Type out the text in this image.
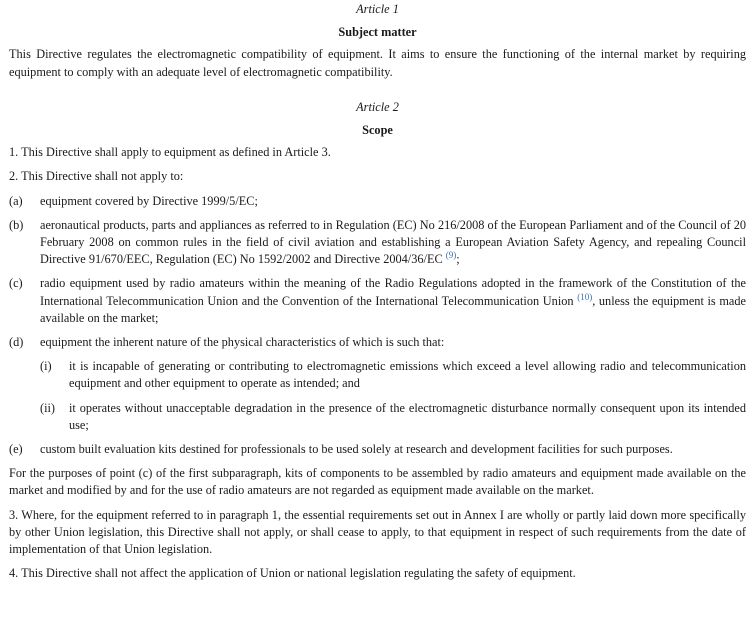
Article 1
Subject matter

This Directive regulates the electromagnetic compatibility of equipment. It aims to ensure the functioning of the internal market by requiring equipment to comply with an adequate level of electromagnetic compatibility.

Article 2
Scope
1. This Directive shall apply to equipment as defined in Article 3.
2. This Directive shall not apply to:
(a)	equipment covered by Directive 1999/5/EC;
(b)	aeronautical products, parts and appliances as referred to in Regulation (EC) No 216/2008 of the European Parliament and of the Council of 20 February 2008 on common rules in the field of civil aviation and establishing a European Aviation Safety Agency, and repealing Council Directive 91/670/EEC, Regulation (EC) No 1592/2002 and Directive 2004/36/EC $^{(9)}$;
(c)	radio equipment used by radio amateurs within the meaning of the Radio Regulations adopted in the framework of the Constitution of the International Telecommunication Union and the Convention of the International Telecommunication Union $^{(10)}$, unless the equipment is made available on the market;
(d)	equipment the inherent nature of the physical characteristics of which is such that:
(i)	it is incapable of generating or contributing to electromagnetic emissions which exceed a level allowing radio and telecommunication equipment and other equipment to operate as intended; and
(ii)	it operates without unacceptable degradation in the presence of the electromagnetic disturbance normally consequent upon its intended use;
(e)	custom built evaluation kits destined for professionals to be used solely at research and development facilities for such purposes.

For the purposes of point (c) of the first subparagraph, kits of components to be assembled by radio amateurs and equipment made available on the market and modified by and for the use of radio amateurs are not regarded as equipment made available on the market.

3. Where, for the equipment referred to in paragraph 1, the essential requirements set out in Annex I are wholly or partly laid down more specifically by other Union legislation, this Directive shall not apply, or shall cease to apply, to that equipment in respect of such requirements from the date of implementation of that Union legislation.
4. This Directive shall not affect the application of Union or national legislation regulating the safety of equipment.
